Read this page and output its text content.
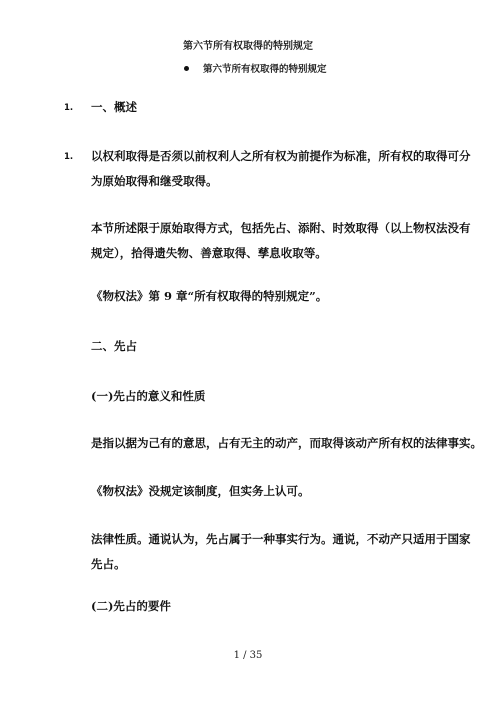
第六节所有权取得的特别规定
第六节所有权取得的特别规定
1. 一、概述
1. 以权利取得是否须以前权利人之所有权为前提作为标准，所有权的取得可分
为原始取得和继受取得。
本节所述限于原始取得方式，包括先占、添附、时效取得（以上物权法没有
规定），拾得遗失物、善意取得、孳息收取等。
《物权法》第 9 章“所有权取得的特别规定”。
二、先占
(一)先占的意义和性质
是指以据为己有的意思，占有无主的动产，而取得该动产所有权的法律事实。
《物权法》没规定该制度，但实务上认可。
法律性质。通说认为，先占属于一种事实行为。通说，不动产只适用于国家
先占。
(二)先占的要件
1 / 35
